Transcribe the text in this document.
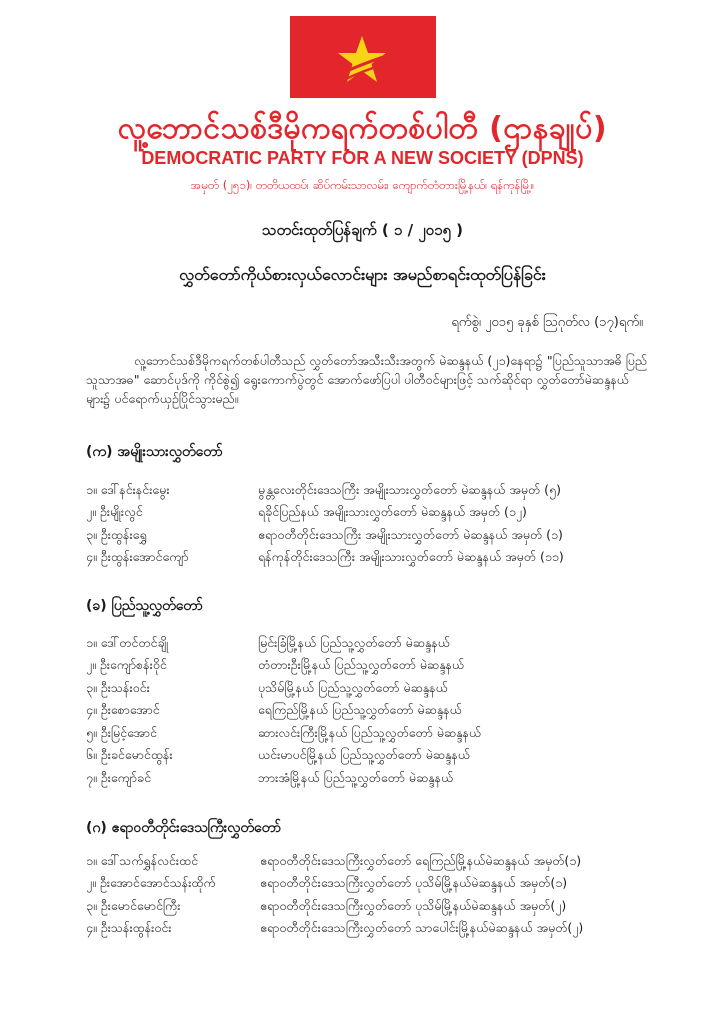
လူ့ဘောင်သစ်ဒီမိုကရက်တစ်ပါတီ (ဌာနချုပ်)
DEMOCRATIC PARTY FOR A NEW SOCIETY (DPNS)
အမှတ် (၂၅၁)၊ တတိယထပ်၊ ဆိပ်ကမ်းသာလမ်း၊ ကျောက်တံတားမြို့နယ်၊ ရန်ကုန်မြို့။
သတင်းထုတ်ပြန်ချက် ( ၁ / ၂၀၁၅ )
လွှတ်တော်ကိုယ်စားလှယ်လောင်းများ အမည်စာရင်းထုတ်ပြန်ခြင်း
ရက်စွဲ၊ ၂၀၁၅ ခုနှစ် ဩဂုတ်လ (၁၇)ရက်။

လူ့ဘောင်သစ်ဒီမိုကရက်တစ်ပါတီသည် လွှတ်တော်အသီးသီးအတွက် မဲဆန္ဒနယ် (၂၁)နေရာ၌ "ပြည်သူသာအဓိ ပြည်သူသာအဓ" ဆောင်ပုဒ်ကို ကိုင်စွဲ၍ ရွေးကောက်ပွဲတွင် အောက်ဖော်ပြပါ ပါတီဝင်များဖြင့် သက်ဆိုင်ရာ လွှတ်တော်မဲဆန္ဒနယ်များ၌ ပင်ရောက်ယှဉ်ပြိုင်သွားမည်။

(က) အမျိုးသားလွှတ်တော်
၁။ ဒေါ်နင်းနင်းမွေး	မွန္တလေးတိုင်းဒေသကြီး အမျိုးသားလွှတ်တော် မဲဆန္ဒနယ် အမှတ် (၅)
၂။ ဦးမျိုးလွင်	ရခိုင်ပြည်နယ် အမျိုးသားလွှတ်တော် မဲဆန္ဒနယ် အမှတ် (၁၂)
၃။ ဦးထွန်းရွှေ	ဧရာဝတီတိုင်းဒေသကြီး အမျိုးသားလွှတ်တော် မဲဆန္ဒနယ် အမှတ် (၁)
၄။ ဦးထွန်းအောင်ကျော်	ရန်ကုန်တိုင်းဒေသကြီး အမျိုးသားလွှတ်တော် မဲဆန္ဒနယ် အမှတ် (၁၁)
(ခ) ပြည်သူ့လွှတ်တော်
၁။ ဒေါ်တင်တင်ချို	မြင်းခြံမြို့နယ် ပြည်သူ့လွှတ်တော် မဲဆန္ဒနယ်
၂။ ဦးကျော်စန်းဝိုင်	တံတားဦးမြို့နယ် ပြည်သူ့လွှတ်တော် မဲဆန္ဒနယ်
၃။ ဦးသန်းဝင်း	ပုသိမ်မြို့နယ် ပြည်သူ့လွှတ်တော် မဲဆန္ဒနယ်
၄။ ဦးစောအောင်	ရေကြည်မြို့နယ် ပြည်သူ့လွှတ်တော် မဲဆန္ဒနယ်
၅။ ဦးမြင့်အောင်	ဆားလင်းကြီးမြို့နယ် ပြည်သူ့လွှတ်တော် မဲဆန္ဒနယ်
၆။ ဦးခင်မောင်ထွန်း	ယင်းမာပင်မြို့နယ် ပြည်သူ့လွှတ်တော် မဲဆန္ဒနယ်
၇။ ဦးကျော်ခင်	ဘားအံမြို့နယ် ပြည်သူ့လွှတ်တော် မဲဆန္ဒနယ်
(ဂ) ဧရာဝတီတိုင်းဒေသကြီးလွှတ်တော်
၁။ ဒေါ်သက်ရွှန်လင်းထင်	ဧရာဝတီတိုင်းဒေသကြီးလွှတ်တော် ရေကြည်မြို့နယ်မဲဆန္ဒနယ် အမှတ်(၁)
၂။ ဦးအောင်အောင်သန်းထိုက်	ဧရာဝတီတိုင်းဒေသကြီးလွှတ်တော် ပုသိမ်မြို့နယ်မဲဆန္ဒနယ် အမှတ်(၁)
၃။ ဦးမောင်မောင်ကြီး	ဧရာဝတီတိုင်းဒေသကြီးလွှတ်တော် ပုသိမ်မြို့နယ်မဲဆန္ဒနယ် အမှတ်(၂)
၄။ ဦးသန်းထွန်းဝင်း	ဧရာဝတီတိုင်းဒေသကြီးလွှတ်တော် သာပေါင်းမြို့နယ်မဲဆန္ဒနယ် အမှတ်(၂)
